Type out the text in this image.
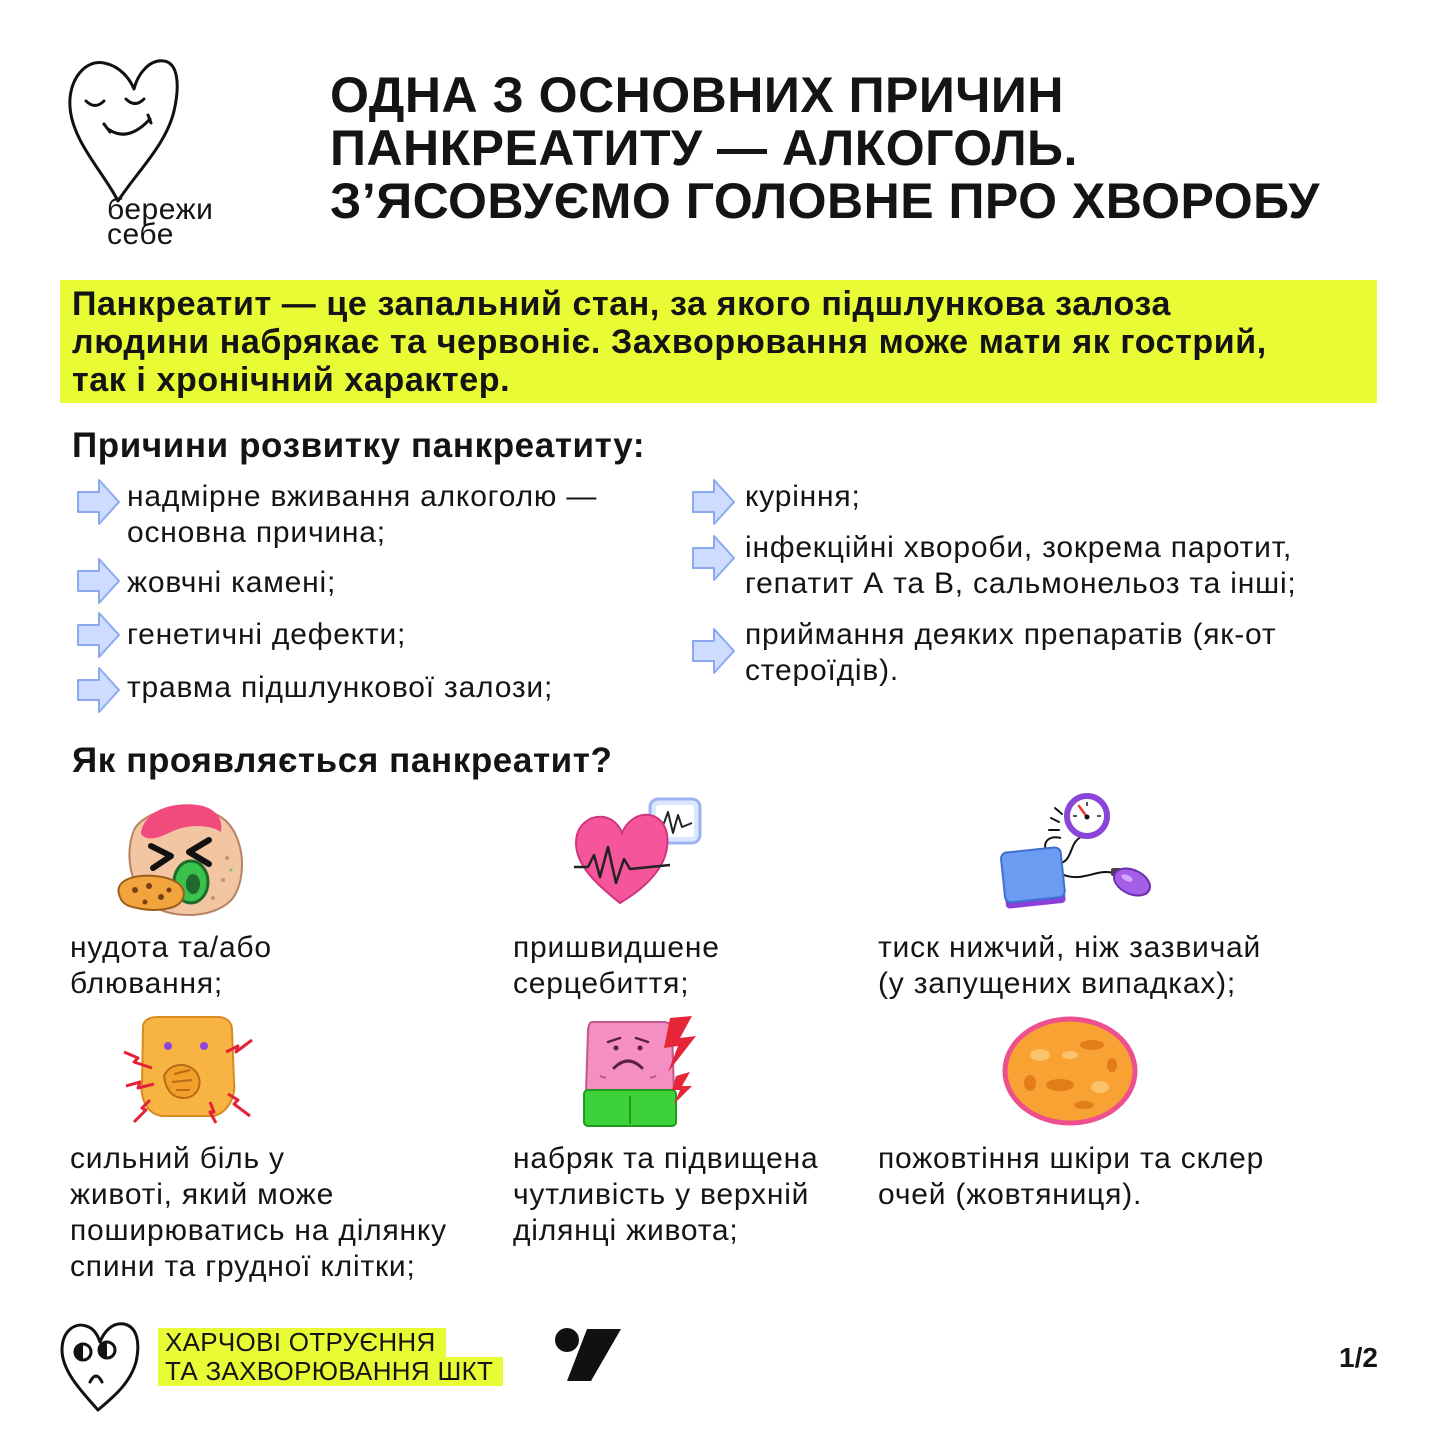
бережи
себе
ОДНА З ОСНОВНИХ ПРИЧИН
ПАНКРЕАТИТУ — АЛКОГОЛЬ.
З’ЯСОВУЄМО ГОЛОВНЕ ПРО ХВОРОБУ
Панкреатит — це запальний стан, за якого підшлункова залоза
людини набрякає та червоніє. Захворювання може мати як гострий,
так і хронічний характер.
Причини розвитку панкреатиту:
надмірне вживання алкоголю —
основна причина;
жовчні камені;
генетичні дефекти;
травма підшлункової залози;
куріння;
інфекційні хвороби, зокрема паротит,
гепатит А та В, сальмонельоз та інші;
приймання деяких препаратів (як-от
стероїдів).
Як проявляється панкреатит?
нудота та/або
блювання;
пришвидшене
серцебиття;
тиск нижчий, ніж зазвичай
(у запущених випадках);
сильний біль у
животі, який може
поширюватись на ділянку
спини та грудної клітки;
набряк та підвищена
чутливість у верхній
ділянці живота;
пожовтіння шкіри та склер
очей (жовтяниця).
ХАРЧОВІ ОТРУЄННЯ
ТА ЗАХВОРЮВАННЯ ШКТ	1/2
